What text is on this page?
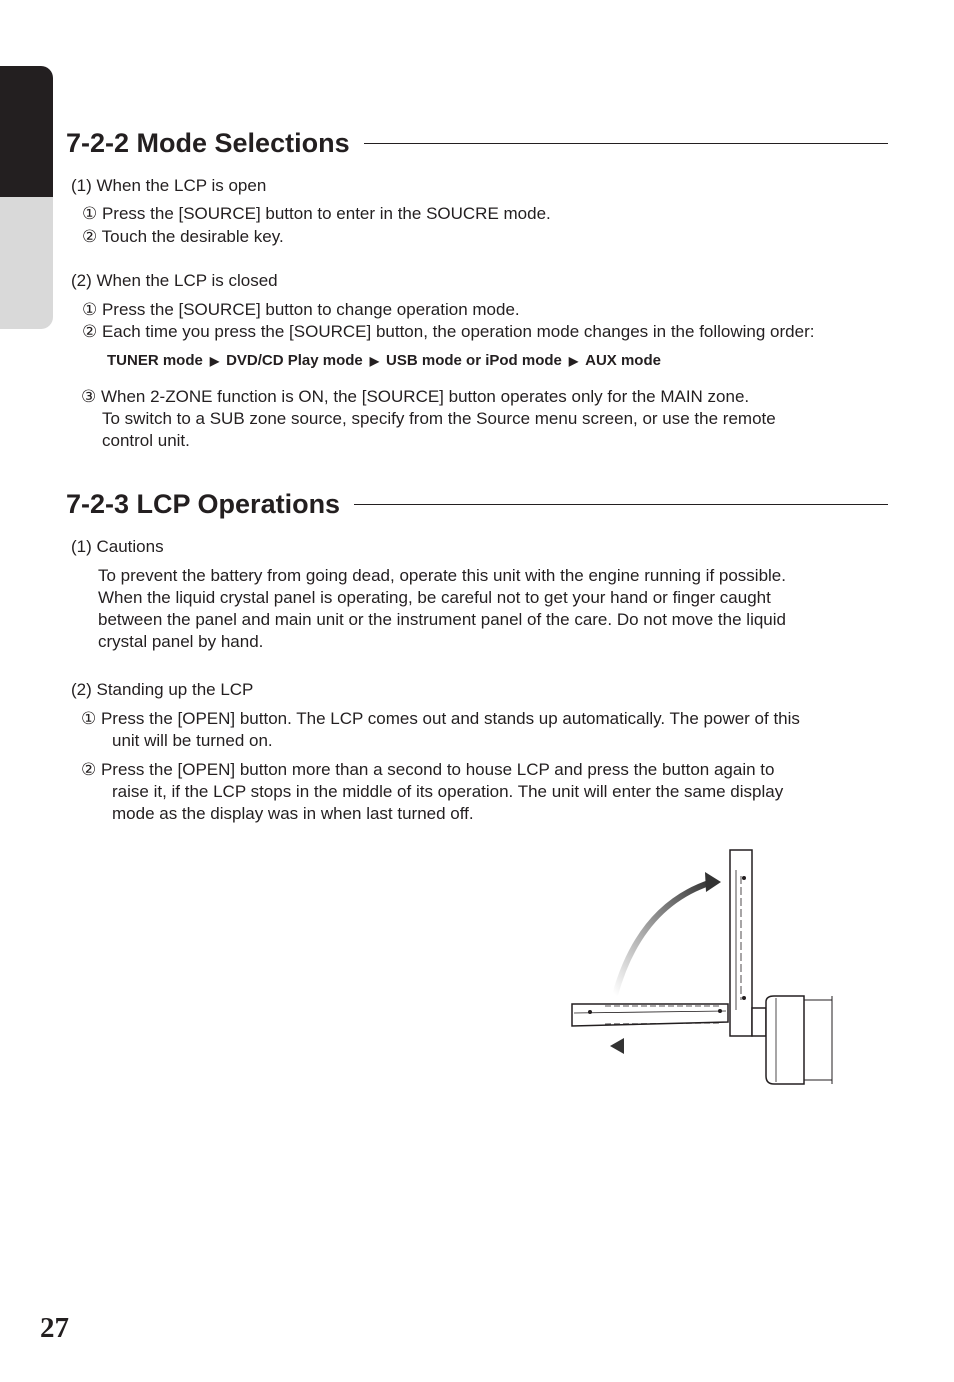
7-2-2 Mode Selections
(1) When the LCP is open
① Press the [SOURCE] button to enter in the SOUCRE mode.
② Touch the desirable key.
(2) When the LCP is closed
① Press the [SOURCE] button to change operation mode.
② Each time you press the [SOURCE] button, the operation mode changes in the following order:
TUNER mode ▶ DVD/CD Play mode ▶ USB mode or iPod mode ▶ AUX mode
③ When 2-ZONE function is ON, the [SOURCE] button operates only for the MAIN zone.
To switch to a SUB zone source, specify from the Source menu screen, or use the remote
control unit.
7-2-3 LCP Operations
(1) Cautions
To prevent the battery from going dead, operate this unit with the engine running if possible.
When the liquid crystal panel is operating, be careful not to get your hand or finger caught
between the panel and main unit or the instrument panel of the care. Do not move the liquid
crystal panel by hand.
(2) Standing up the LCP
① Press the [OPEN] button. The LCP comes out and stands up automatically. The power of this
unit will be turned on.
② Press the [OPEN] button more than a second to house LCP and press the button again to
raise it, if the LCP stops in the middle of its operation. The unit will enter the same display
mode as the display was in when last turned off.
27
